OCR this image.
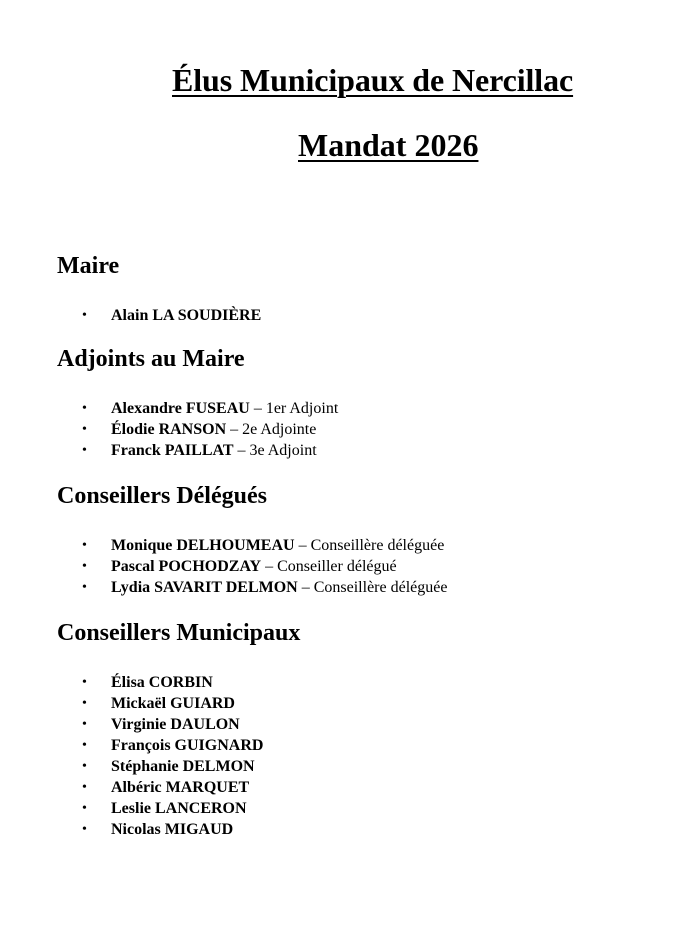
Élus Municipaux de Nercillac
Mandat 2026
Maire
• Alain LA SOUDIÈRE
Adjoints au Maire
• Alexandre FUSEAU – 1er Adjoint
• Élodie RANSON – 2e Adjointe
• Franck PAILLAT – 3e Adjoint
Conseillers Délégués
• Monique DELHOUMEAU – Conseillère déléguée
• Pascal POCHODZAY – Conseiller délégué
• Lydia SAVARIT DELMON – Conseillère déléguée
Conseillers Municipaux
• Élisa CORBIN
• Mickaël GUIARD
• Virginie DAULON
• François GUIGNARD
• Stéphanie DELMON
• Albéric MARQUET
• Leslie LANCERON
• Nicolas MIGAUD
